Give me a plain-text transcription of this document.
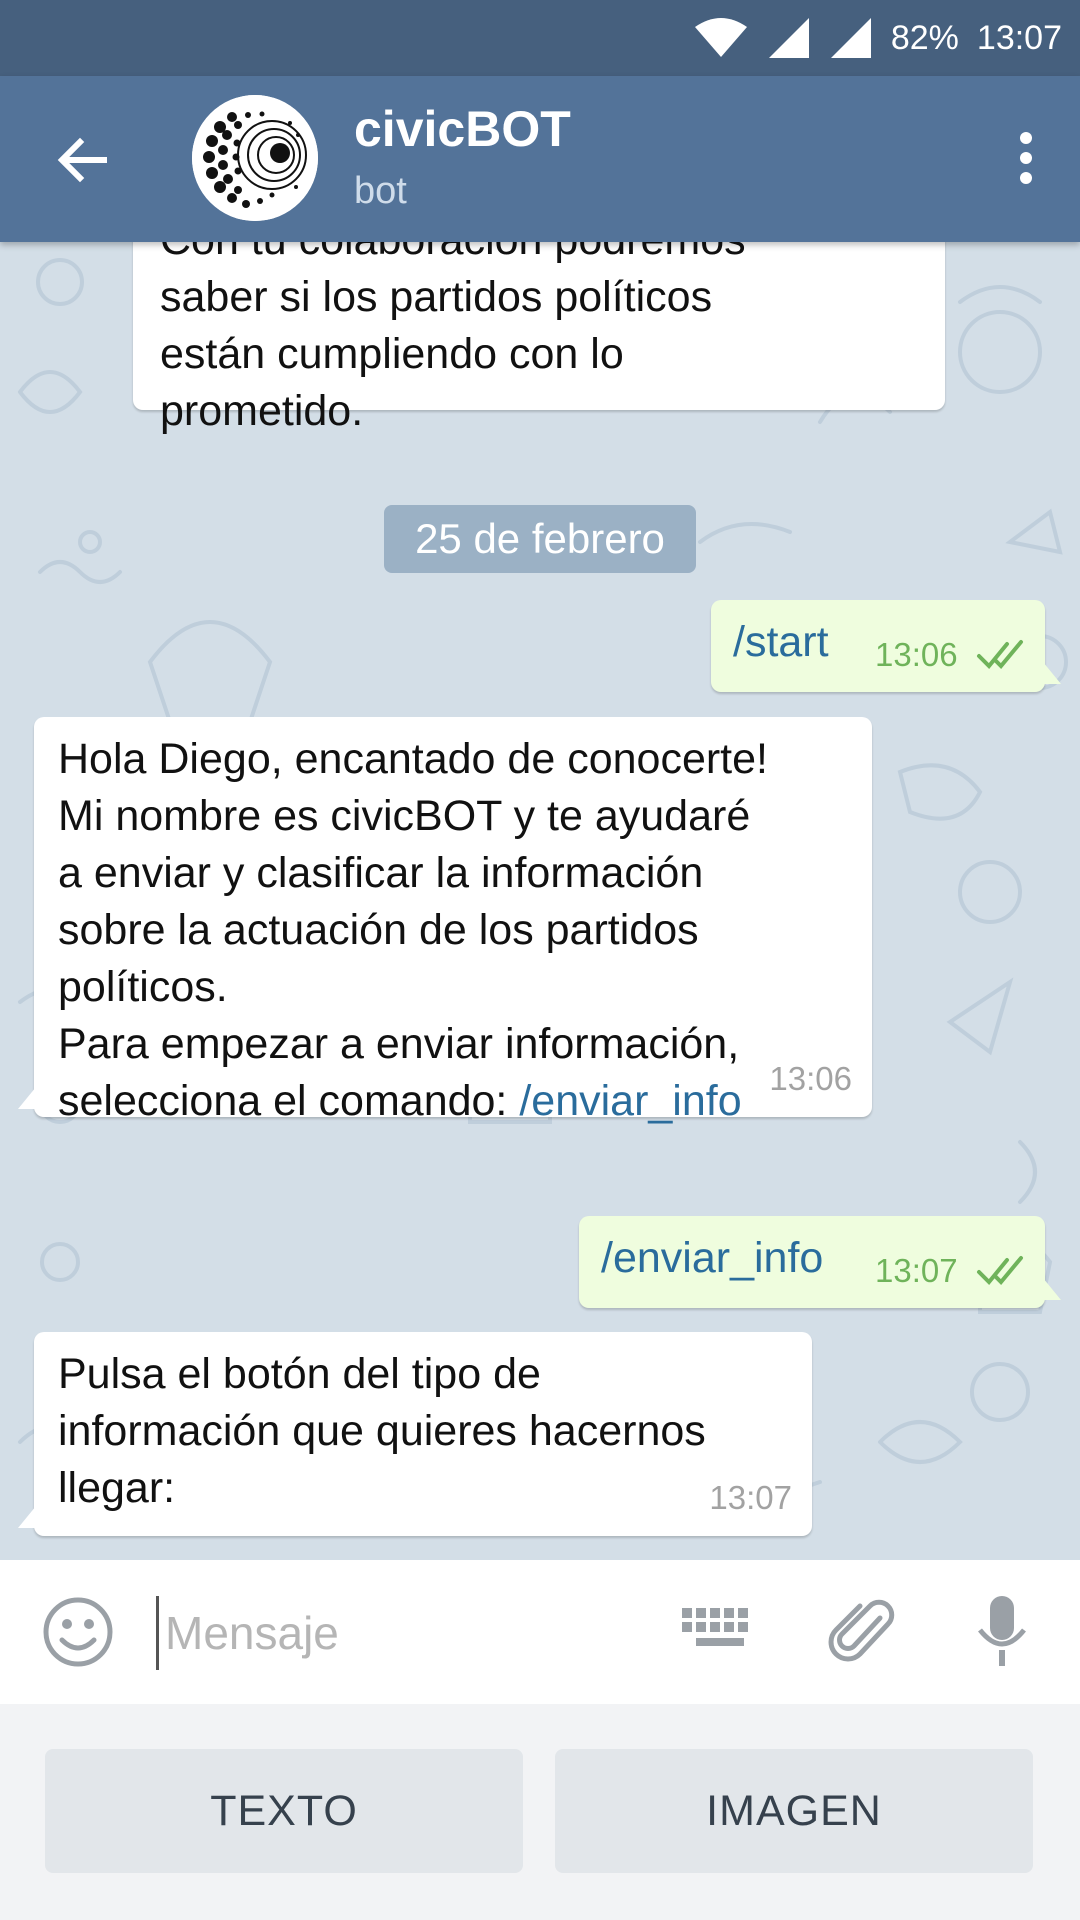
82% 13:07
civicBOT
bot
saber si los partidos políticos
están cumpliendo con lo
prometido.
25 de febrero
/start 13:06
Hola Diego, encantado de conocerte!
Mi nombre es civicBOT y te ayudaré
a enviar y clasificar la información
sobre la actuación de los partidos
políticos.
Para empezar a enviar información,
selecciona el comando: /enviar_info 13:06
/enviar_info 13:07
Pulsa el botón del tipo de
información que quieres hacernos
llegar:	13:07
Mensaje
TEXTO	IMAGEN
